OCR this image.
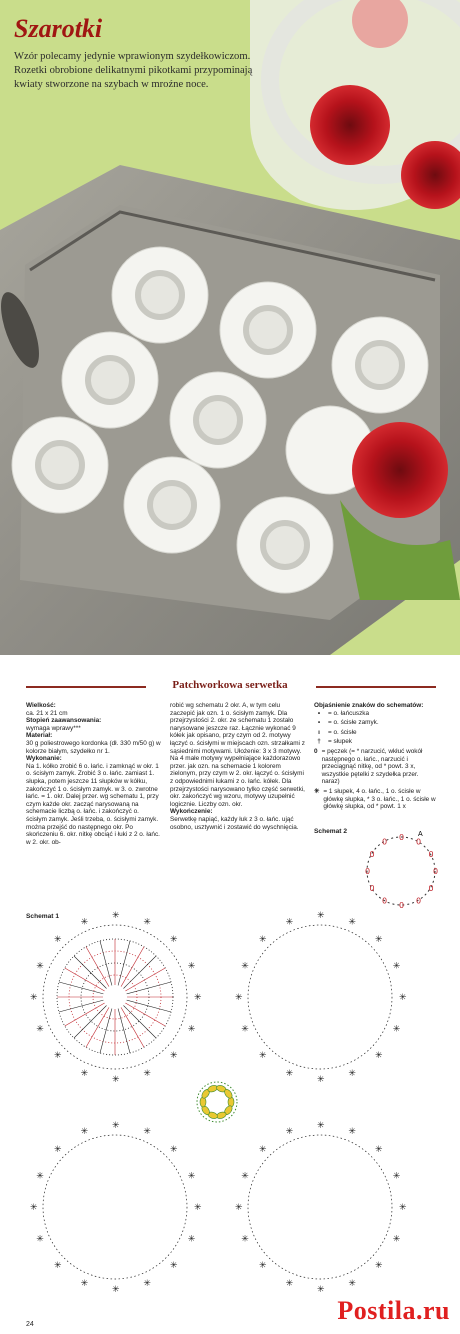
Szarotki
Wzór polecamy jedynie wprawionym szydełkowiczom. Rozetki obrobione delikatnymi pikotkami przypominają kwiaty stworzone na szybach w mroźne noce.
Patchworkowa serwetka
Wielkość:
ca. 21 x 21 cm
Stopień zaawansowania:
wymaga wprawy***
Materiał:
30 g poliestrowego kordonka (dł. 330 m/50 g) w kolorze białym, szydełko nr 1.
Wykonanie:
Na 1. kółko zrobić 6 o. łańc. i zamknąć w okr. 1 o. ścisłym zamyk. Zrobić 3 o. łańc. zamiast 1. słupka, potem jeszcze 11 słupków w kółku, zakończyć 1 o. ścisłym zamyk. w 3. o. zwrotne łańc. = 1. okr. Dalej przer. wg schematu 1, przy czym każde okr. zacząć narysowaną na schemacie liczbą o. łańc. i zakończyć o. ścisłym zamyk. Jeśli trzeba, o. ścisłymi zamyk. można przejść do następnego okr. Po skończeniu 6. okr. nitkę obciąć i łuki z 2 o. łańc. w 2. okr. ob-
robić wg schematu 2 okr. A, w tym celu zaczepić jak ozn. 1 o. ścisłym zamyk. Dla przejrzystości 2. okr. ze schematu 1 zostało narysowane jeszcze raz. Łącznie wykonać 9 kółek jak opisano, przy czym od 2. motywy łączyć o. ścisłymi w miejscach ozn. strzałkami z sąsiednimi motywami. Ułożenie: 3 x 3 motywy. Na 4 małe motywy wypełniające każdorazowo przer. jak ozn. na schemacie 1 kolorem zielonym, przy czym w 2. okr. łączyć o. ścisłymi z odpowiednimi łukami z o. łańc. kółek. Dla przejrzystości narysowano tylko część serwetki, okr. zakończyć wg wzoru, motywy uzupełnić logicznie. Liczby ozn. okr.
Wykończenie:
Serwetkę napiąć, każdy łuk z 3 o. łańc. ująć osobno, usztywnić i zostawić do wyschnięcia.
Objaśnienie znaków do schematów:
•	= o. łańcuszka
▪	= o. ścisłe zamyk.
ı	= o. ścisłe
†	= słupek
0 = pęczek (= * narzucić, wkłuć wokół następnego o. łańc., narzucić i przeciągnąć nitkę, od * powt. 3 x, wszystkie pętelki z szydełka przer. naraz)
✳ = 1 słupek, 4 o. łańc., 1 o. ścisłe w główkę słupka, * 3 o. łańc., 1 o. ścisłe w główkę słupka, od * powt. 1 x
Schemat 2
0
0
0
0
0
0
0
0
0
0
0
0
A
Schemat 1
✳
✳
✳
✳
✳
✳
✳
✳
✳
✳
✳
✳
✳
✳
✳
✳
✳
✳
✳
✳
✳
✳
✳
✳
✳
✳
✳
✳
✳
✳
✳
✳
✳
✳
✳
✳
✳
✳
✳
✳
✳
✳
✳
✳
✳
✳
✳
✳
✳
✳
✳
✳
✳
✳
✳
✳
✳
✳
✳
✳
✳
✳
✳
✳
24	Postila.ru
